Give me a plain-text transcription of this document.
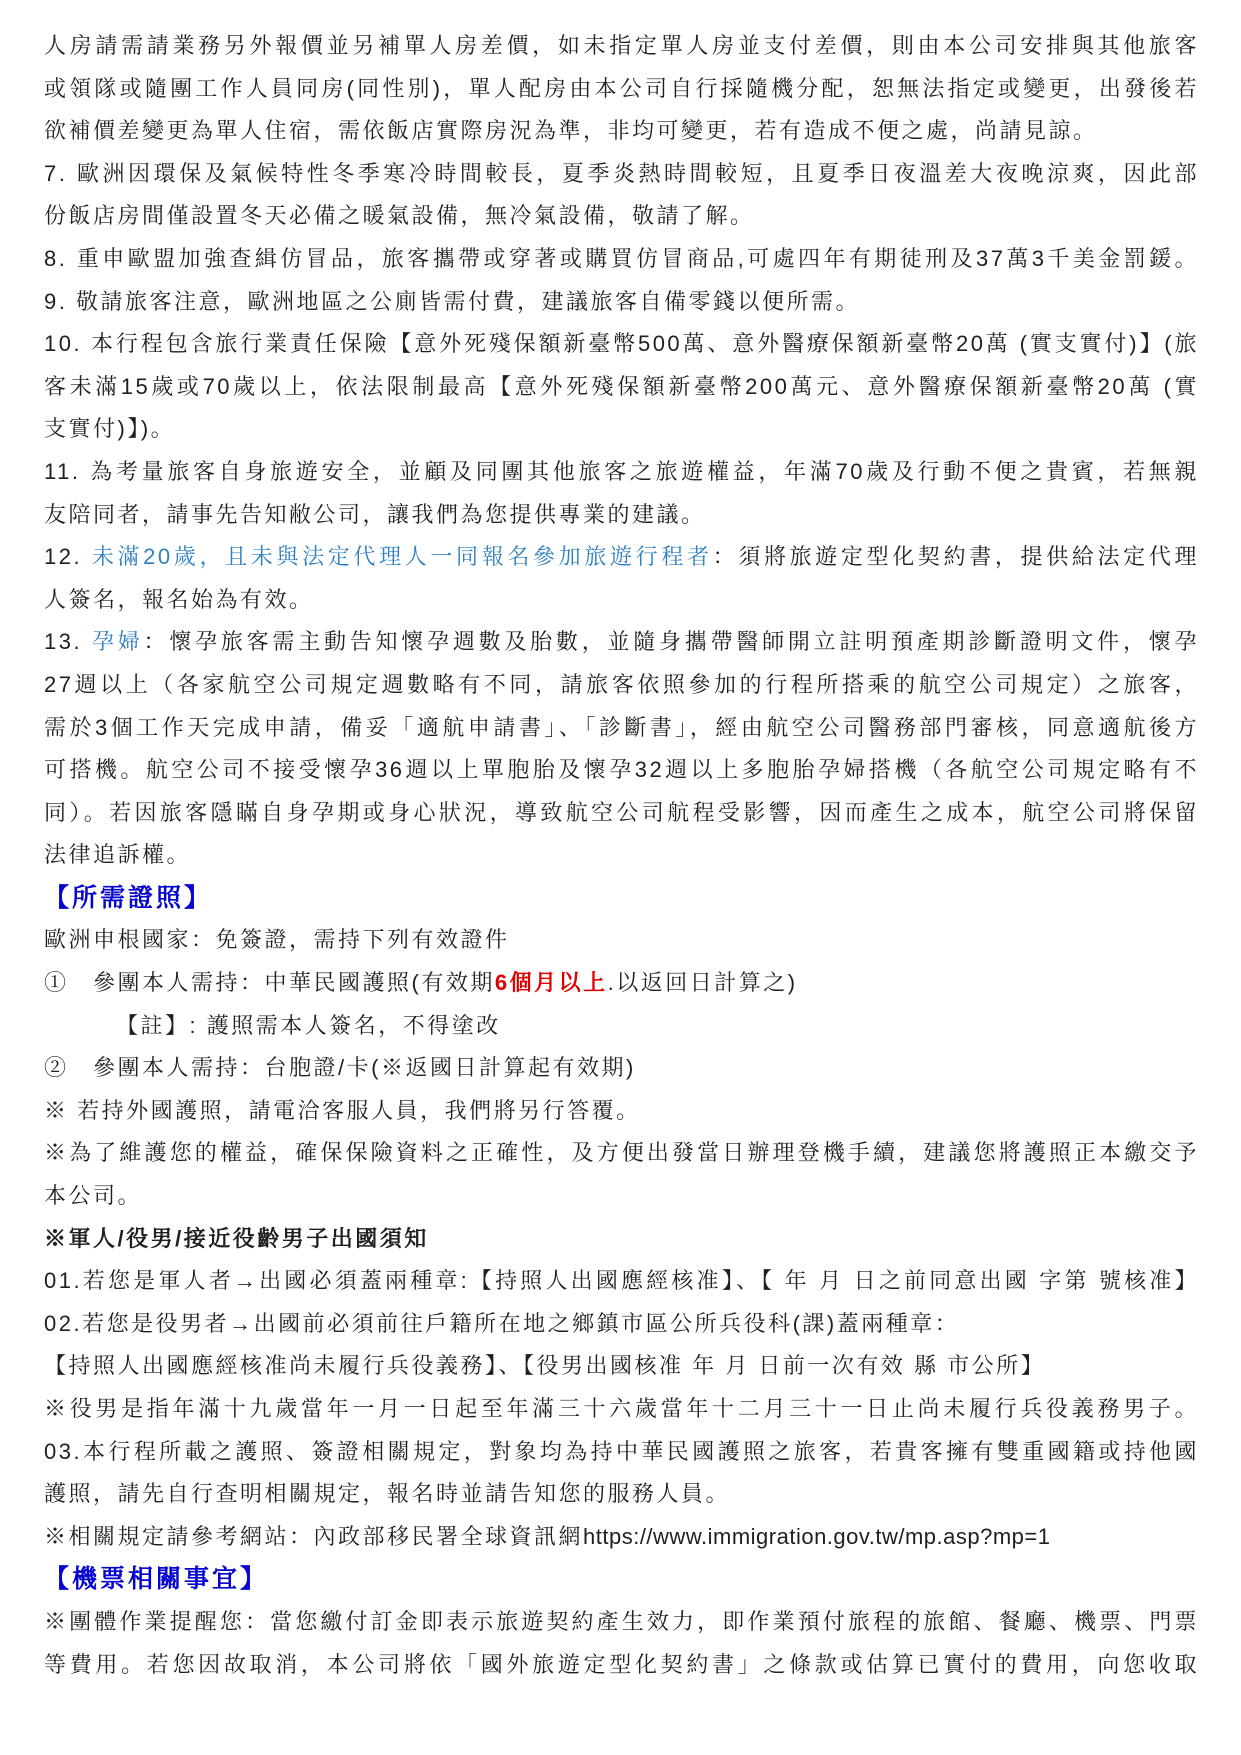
人房請需請業務另外報價並另補單人房差價，如未指定單人房並支付差價，則由本公司安排與其他旅客
或領隊或隨團工作人員同房(同性別)，單人配房由本公司自行採隨機分配，恕無法指定或變更，出發後若
欲補價差變更為單人住宿，需依飯店實際房況為準，非均可變更，若有造成不便之處，尚請見諒。
7. 歐洲因環保及氣候特性冬季寒冷時間較長，夏季炎熱時間較短，且夏季日夜溫差大夜晚涼爽，因此部
份飯店房間僅設置冬天必備之暖氣設備，無冷氣設備，敬請了解。
8. 重申歐盟加強查緝仿冒品，旅客攜帶或穿著或購買仿冒商品,可處四年有期徒刑及37萬3千美金罰鍰。
9. 敬請旅客注意，歐洲地區之公廁皆需付費，建議旅客自備零錢以便所需。
10. 本行程包含旅行業責任保險【意外死殘保額新臺幣500萬、意外醫療保額新臺幣20萬 (實支實付)】(旅
客未滿15歲或70歲以上，依法限制最高【意外死殘保額新臺幣200萬元、意外醫療保額新臺幣20萬 (實
支實付)】)。
11. 為考量旅客自身旅遊安全，並顧及同團其他旅客之旅遊權益，年滿70歲及行動不便之貴賓，若無親
友陪同者，請事先告知敝公司，讓我們為您提供專業的建議。
12. 未滿20歲，且未與法定代理人一同報名參加旅遊行程者：須將旅遊定型化契約書，提供給法定代理
人簽名，報名始為有效。
13. 孕婦：懷孕旅客需主動告知懷孕週數及胎數，並隨身攜帶醫師開立註明預產期診斷證明文件，懷孕
27週以上（各家航空公司規定週數略有不同，請旅客依照參加的行程所搭乘的航空公司規定）之旅客，
需於3個工作天完成申請，備妥「適航申請書」、「診斷書」，經由航空公司醫務部門審核，同意適航後方
可搭機。航空公司不接受懷孕36週以上單胞胎及懷孕32週以上多胞胎孕婦搭機（各航空公司規定略有不
同）。若因旅客隱瞞自身孕期或身心狀況，導致航空公司航程受影響，因而產生之成本，航空公司將保留
法律追訴權。
【所需證照】
歐洲申根國家：免簽證，需持下列有效證件
①　參團本人需持：中華民國護照(有效期6個月以上.以返回日計算之)
【註】: 護照需本人簽名，不得塗改
②　參團本人需持：台胞證/卡(※返國日計算起有效期)
※ 若持外國護照，請電洽客服人員，我們將另行答覆。
※為了維護您的權益，確保保險資料之正確性，及方便出發當日辦理登機手續，建議您將護照正本繳交予
本公司。
※軍人/役男/接近役齡男子出國須知
01.若您是軍人者→出國必須蓋兩種章:【持照人出國應經核准】、【 年 月 日之前同意出國 字第 號核准】
02.若您是役男者→出國前必須前往戶籍所在地之鄉鎮市區公所兵役科(課)蓋兩種章：
【持照人出國應經核准尚未履行兵役義務】、【役男出國核准 年 月 日前一次有效 縣 市公所】
※役男是指年滿十九歲當年一月一日起至年滿三十六歲當年十二月三十一日止尚未履行兵役義務男子。
03.本行程所載之護照、簽證相關規定，對象均為持中華民國護照之旅客，若貴客擁有雙重國籍或持他國
護照，請先自行查明相關規定，報名時並請告知您的服務人員。
※相關規定請參考網站：內政部移民署全球資訊網https://www.immigration.gov.tw/mp.asp?mp=1
【機票相關事宜】
※團體作業提醒您：當您繳付訂金即表示旅遊契約產生效力，即作業預付旅程的旅館、餐廳、機票、門票
等費用。若您因故取消，本公司將依「國外旅遊定型化契約書」之條款或估算已實付的費用，向您收取
